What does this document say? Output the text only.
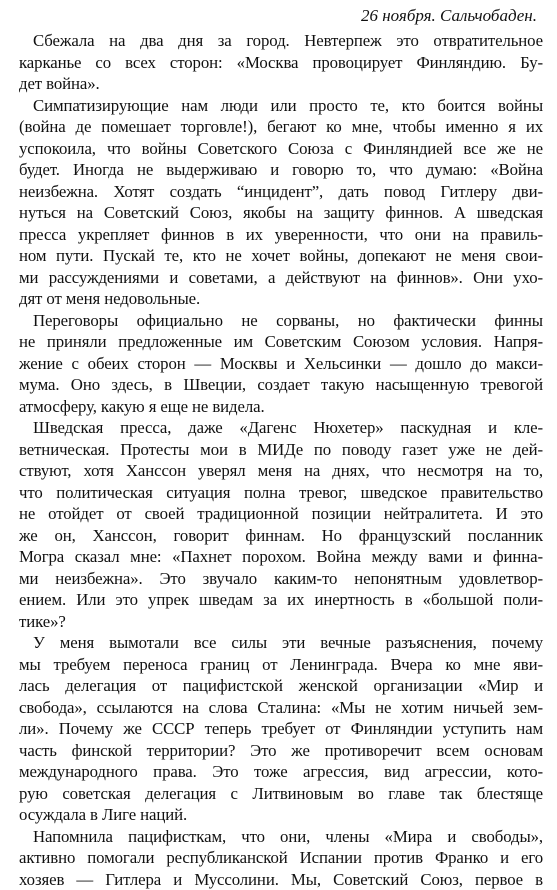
26 ноября. Сальчобаден.
Сбежала на два дня за город. Невтерпеж это отвратительное
карканье со всех сторон: «Москва провоцирует Финляндию. Бу-
дет война».
Симпатизирующие нам люди или просто те, кто боится войны
(война де помешает торговле!), бегают ко мне, чтобы именно я их
успокоила, что войны Советского Союза с Финляндией все же не
будет. Иногда не выдерживаю и говорю то, что думаю: «Война
неизбежна. Хотят создать “инцидент”, дать повод Гитлеру дви-
нуться на Советский Союз, якобы на защиту финнов. А шведская
пресса укрепляет финнов в их уверенности, что они на правиль-
ном пути. Пускай те, кто не хочет войны, допекают не меня свои-
ми рассуждениями и советами, а действуют на финнов». Они ухо-
дят от меня недовольные.
Переговоры официально не сорваны, но фактически финны
не приняли предложенные им Советским Союзом условия. Напря-
жение с обеих сторон — Москвы и Хельсинки — дошло до макси-
мума. Оно здесь, в Швеции, создает такую насыщенную тревогой
атмосферу, какую я еще не видела.
Шведская пресса, даже «Дагенс Нюхетер» паскудная и кле-
ветническая. Протесты мои в МИДе по поводу газет уже не дей-
ствуют, хотя Ханссон уверял меня на днях, что несмотря на то,
что политическая ситуация полна тревог, шведское правительство
не отойдет от своей традиционной позиции нейтралитета. И это
же он, Ханссон, говорит финнам. Но французский посланник
Могра сказал мне: «Пахнет порохом. Война между вами и финна-
ми неизбежна». Это звучало каким-то непонятным удовлетвор-
ением. Или это упрек шведам за их инертность в «большой поли-
тике»?
У меня вымотали все силы эти вечные разъяснения, почему
мы требуем переноса границ от Ленинграда. Вчера ко мне яви-
лась делегация от пацифистской женской организации «Мир и
свобода», ссылаются на слова Сталина: «Мы не хотим ничьей зем-
ли». Почему же СССР теперь требует от Финляндии уступить нам
часть финской территории? Это же противоречит всем основам
международного права. Это тоже агрессия, вид агрессии, кото-
рую советская делегация с Литвиновым во главе так блестяще
осуждала в Лиге наций.
Напомнила пацифисткам, что они, члены «Мира и свободы»,
активно помогали республиканской Испании против Франко и его
хозяев — Гитлера и Муссолини. Мы, Советский Союз, первое в
